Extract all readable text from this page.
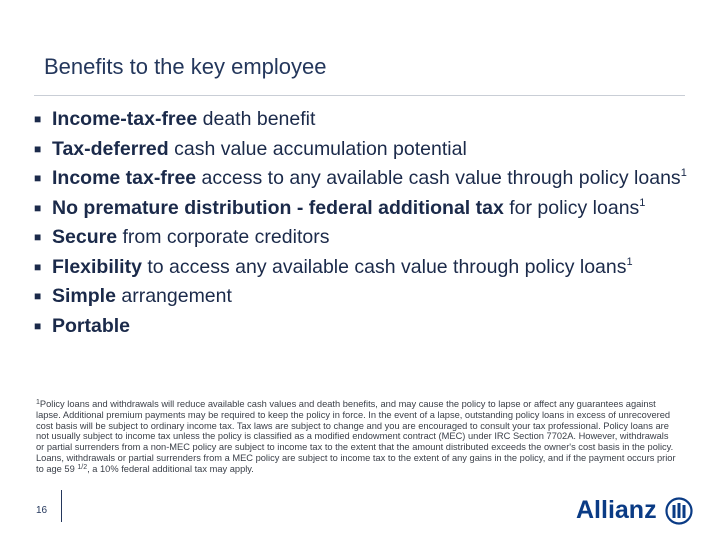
Benefits to the key employee
■ Income-tax-free death benefit
■ Tax-deferred cash value accumulation potential
■ Income tax-free access to any available cash value through policy loans$^1$
■ No premature distribution - federal additional tax for policy loans$^1$
■ Secure from corporate creditors
■ Flexibility to access any available cash value through policy loans$^1$
■ Simple arrangement
■ Portable
$^1$Policy loans and withdrawals will reduce available cash values and death benefits, and may cause the policy to lapse or affect any guarantees against lapse. Additional premium payments may be required to keep the policy in force. In the event of a lapse, outstanding policy loans in excess of unrecovered cost basis will be subject to ordinary income tax. Tax laws are subject to change and you are encouraged to consult your tax professional. Policy loans are not usually subject to income tax unless the policy is classified as a modified endowment contract (MEC) under IRC Section 7702A. However, withdrawals or partial surrenders from a non-MEC policy are subject to income tax to the extent that the amount distributed exceeds the owner's cost basis in the policy. Loans, withdrawals or partial surrenders from a MEC policy are subject to income tax to the extent of any gains in the policy, and if the payment occurs prior to age 59 $^{1/2}$, a 10% federal additional tax may apply.
16	Allianz
